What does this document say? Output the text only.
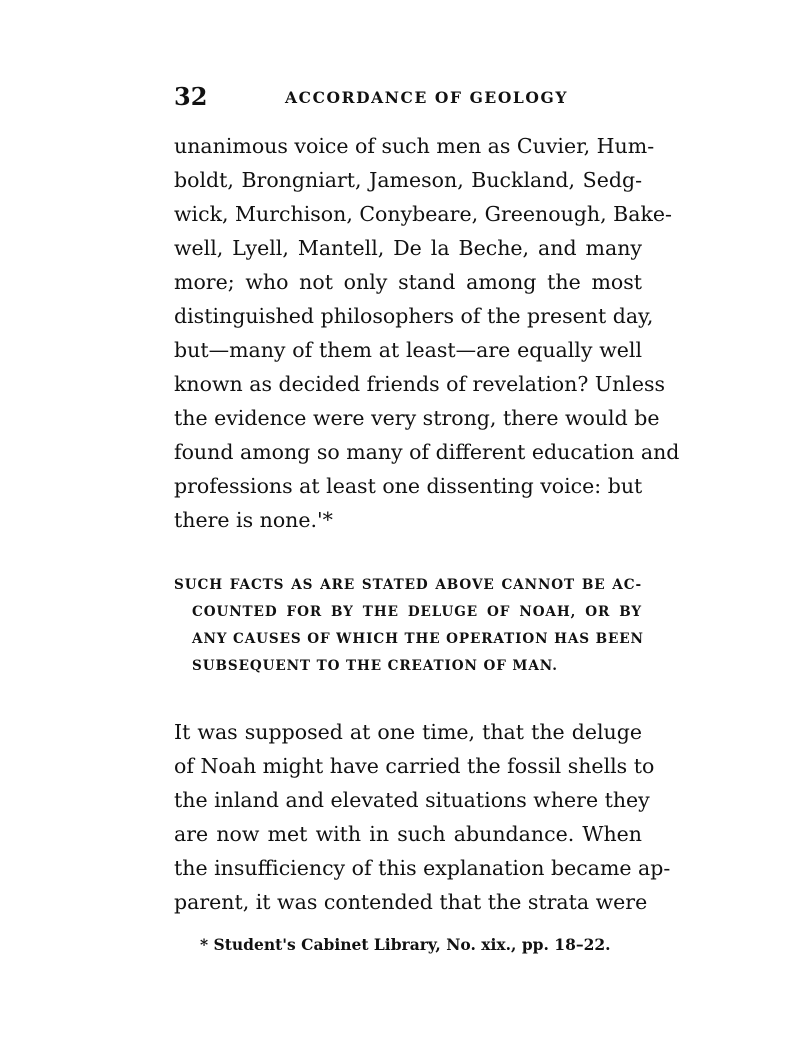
32	ACCORDANCE OF GEOLOGY
unanimous voice of such men as Cuvier, Hum-
boldt, Brongniart, Jameson, Buckland, Sedg-
wick, Murchison, Conybeare, Greenough, Bake-
well, Lyell, Mantell, De la Beche, and many
more; who not only stand among the most
distinguished philosophers of the present day,
but—many of them at least—are equally well
known as decided friends of revelation? Unless
the evidence were very strong, there would be
found among so many of different education and
professions at least one dissenting voice: but
there is none.'*
SUCH FACTS AS ARE STATED ABOVE CANNOT BE AC-
COUNTED FOR BY THE DELUGE OF NOAH, OR BY
ANY CAUSES OF WHICH THE OPERATION HAS BEEN
SUBSEQUENT TO THE CREATION OF MAN.
It was supposed at one time, that the deluge
of Noah might have carried the fossil shells to
the inland and elevated situations where they
are now met with in such abundance. When
the insufficiency of this explanation became ap-
parent, it was contended that the strata were
* Student's Cabinet Library, No. xix., pp. 18–22.
